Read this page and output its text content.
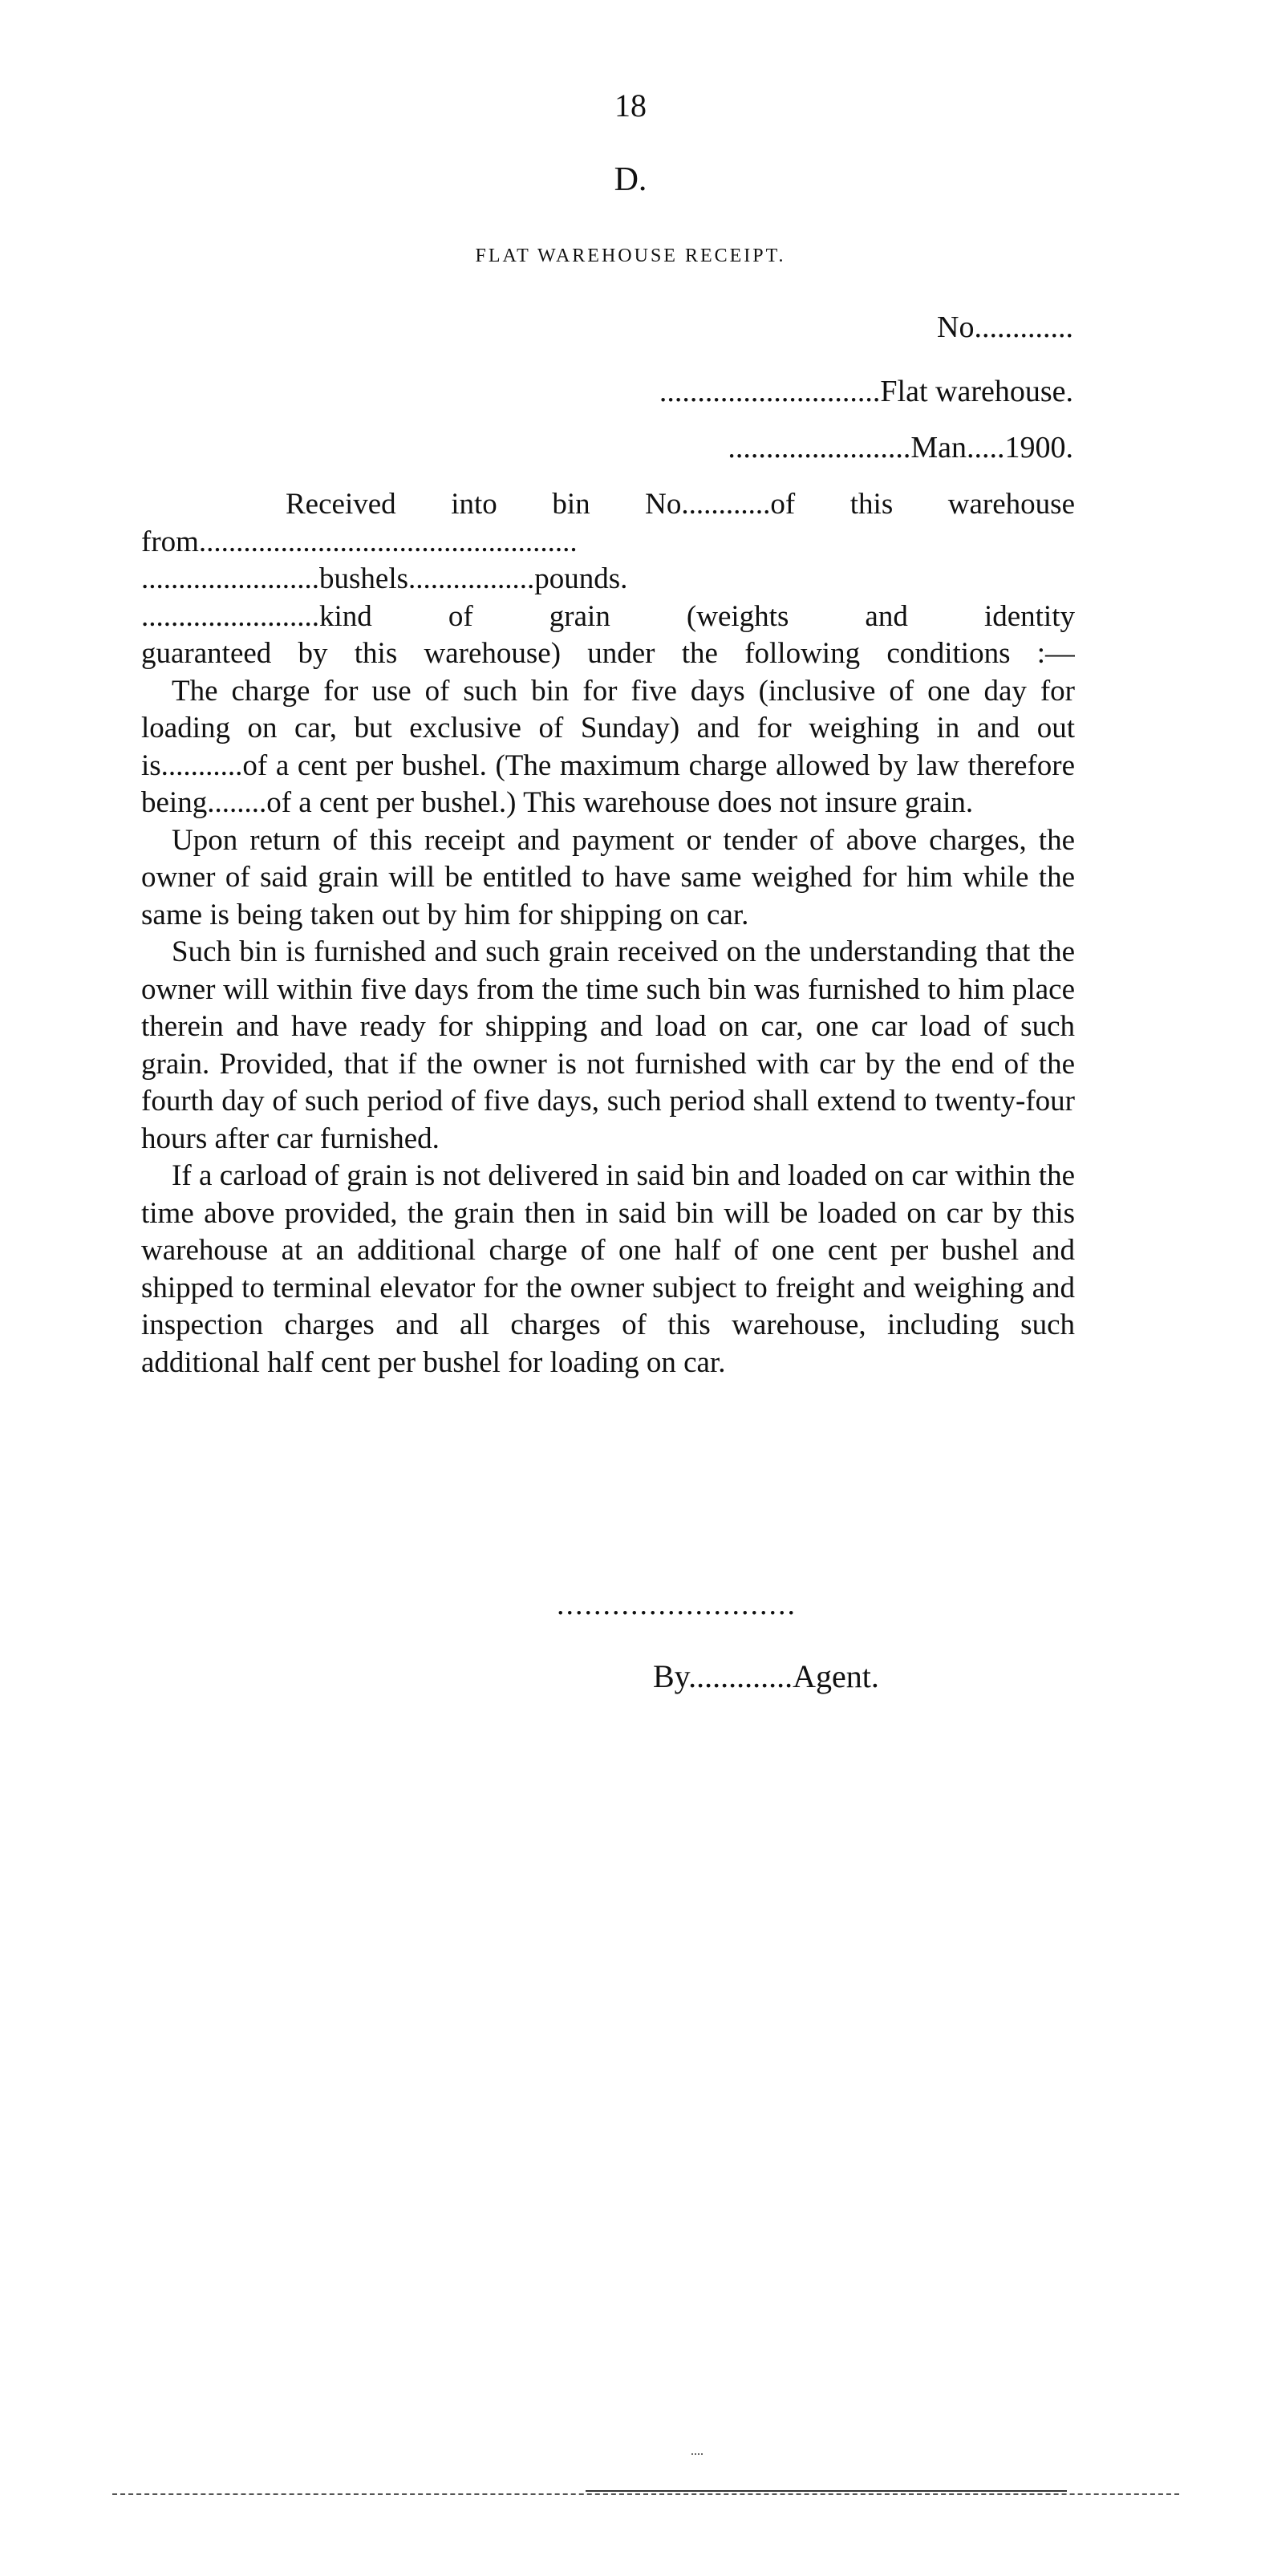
18
D.
FLAT WAREHOUSE RECEIPT.
No.............
.............................Flat warehouse.
........................Man.....1900.
Received into bin No............of this warehouse
from...................................................
........................bushels.................pounds.
........................kind of grain (weights and identity
guaranteed by this warehouse) under the following conditions :—

The charge for use of such bin for five days (inclusive of one day for loading on car, but exclusive of Sunday) and for weighing in and out is...........of a cent per bushel. (The maximum charge allowed by law therefore being........of a cent per bushel.) This warehouse does not insure grain.

Upon return of this receipt and payment or tender of above charges, the owner of said grain will be entitled to have same weighed for him while the same is being taken out by him for shipping on car.

Such bin is furnished and such grain received on the understanding that the owner will within five days from the time such bin was furnished to him place therein and have ready for shipping and load on car, one car load of such grain. Provided, that if the owner is not furnished with car by the end of the fourth day of such period of five days, such period shall extend to twenty-four hours after car furnished.

If a carload of grain is not delivered in said bin and loaded on car within the time above provided, the grain then in said bin will be loaded on car by this warehouse at an additional charge of one half of one cent per bushel and shipped to terminal elevator for the owner subject to freight and weighing and inspection charges and all charges of this warehouse, including such additional half cent per bushel for loading on car.

..........................
By.............Agent.
